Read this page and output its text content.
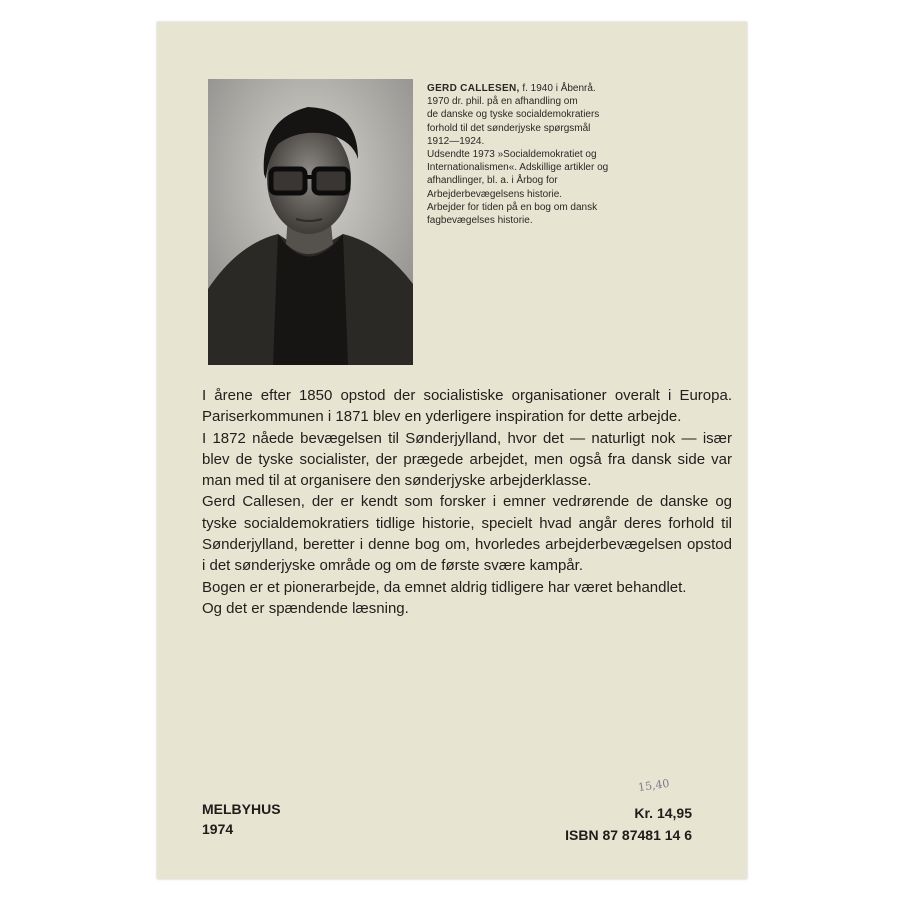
GERD CALLESEN, f. 1940 i Åbenrå.

1970 dr. phil. på en afhandling om

de danske og tyske socialdemokratiers

forhold til det sønderjyske spørgsmål

1912—1924.

Udsendte 1973 »Socialdemokratiet og

Internationalismen«. Adskillige artikler og

afhandlinger, bl. a. i Årbog for

Arbejderbevægelsens historie.

Arbejder for tiden på en bog om dansk

fagbevægelses historie.

I årene efter 1850 opstod der socialistiske organisationer overalt i Europa. Pariserkommunen i 1871 blev en yderligere inspiration for dette arbejde.

I 1872 nåede bevægelsen til Sønderjylland, hvor det — naturligt nok — især blev de tyske socialister, der prægede arbejdet, men også fra dansk side var man med til at organisere den sønderjyske arbejderklasse.

Gerd Callesen, der er kendt som forsker i emner vedrørende de danske og tyske socialdemokratiers tidlige historie, specielt hvad angår deres forhold til Sønderjylland, beretter i denne bog om, hvorledes arbejderbevægelsen opstod i det sønderjyske område og om de første svære kampår.

Bogen er et pionerarbejde, da emnet aldrig tidligere har været behandlet.

Og det er spændende læsning.

15,40
MELBYHUS
1974
Kr. 14,95
ISBN 87 87481 14 6
